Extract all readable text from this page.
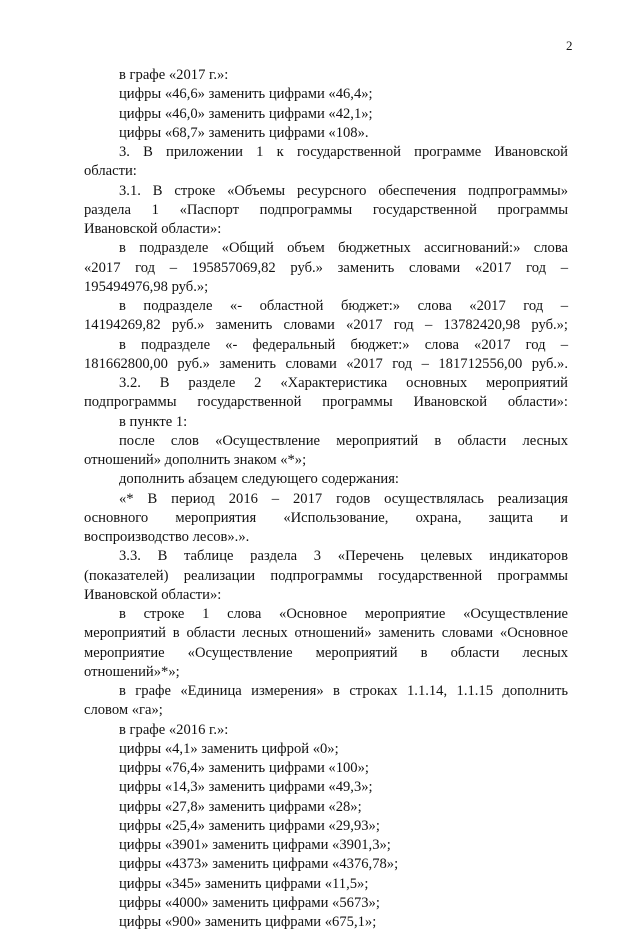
2
в графе «2017 г.»:
цифры «46,6» заменить цифрами «46,4»;
цифры «46,0» заменить цифрами «42,1»;
цифры «68,7» заменить цифрами «108».
3. В приложении 1 к государственной программе Ивановской
области:
3.1. В строке «Объемы ресурсного обеспечения подпрограммы»
раздела 1 «Паспорт подпрограммы государственной программы
Ивановской области»:
в подразделе «Общий объем бюджетных ассигнований:» слова
«2017 год – 195857069,82 руб.» заменить словами «2017 год –
195494976,98 руб.»;
в подразделе «- областной бюджет:» слова «2017 год –
14194269,82 руб.» заменить словами «2017 год – 13782420,98 руб.»;
в подразделе «- федеральный бюджет:» слова «2017 год –
181662800,00 руб.» заменить словами «2017 год – 181712556,00 руб.».
3.2. В разделе 2 «Характеристика основных мероприятий
подпрограммы государственной программы Ивановской области»:
в пункте 1:
после слов «Осуществление мероприятий в области лесных
отношений» дополнить знаком «*»;
дополнить абзацем следующего содержания:
«* В период 2016 – 2017 годов осуществлялась реализация
основного мероприятия «Использование, охрана, защита и
воспроизводство лесов».».
3.3. В таблице раздела 3 «Перечень целевых индикаторов
(показателей) реализации подпрограммы государственной программы
Ивановской области»:
в строке 1 слова «Основное мероприятие «Осуществление
мероприятий в области лесных отношений» заменить словами «Основное
мероприятие «Осуществление мероприятий в области лесных
отношений»*»;
в графе «Единица измерения» в строках 1.1.14, 1.1.15 дополнить
словом «га»;
в графе «2016 г.»:
цифры «4,1» заменить цифрой «0»;
цифры «76,4» заменить цифрами «100»;
цифры «14,3» заменить цифрами «49,3»;
цифры «27,8» заменить цифрами «28»;
цифры «25,4» заменить цифрами «29,93»;
цифры «3901» заменить цифрами «3901,3»;
цифры «4373» заменить цифрами «4376,78»;
цифры «345» заменить цифрами «11,5»;
цифры «4000» заменить цифрами «5673»;
цифры «900» заменить цифрами «675,1»;
